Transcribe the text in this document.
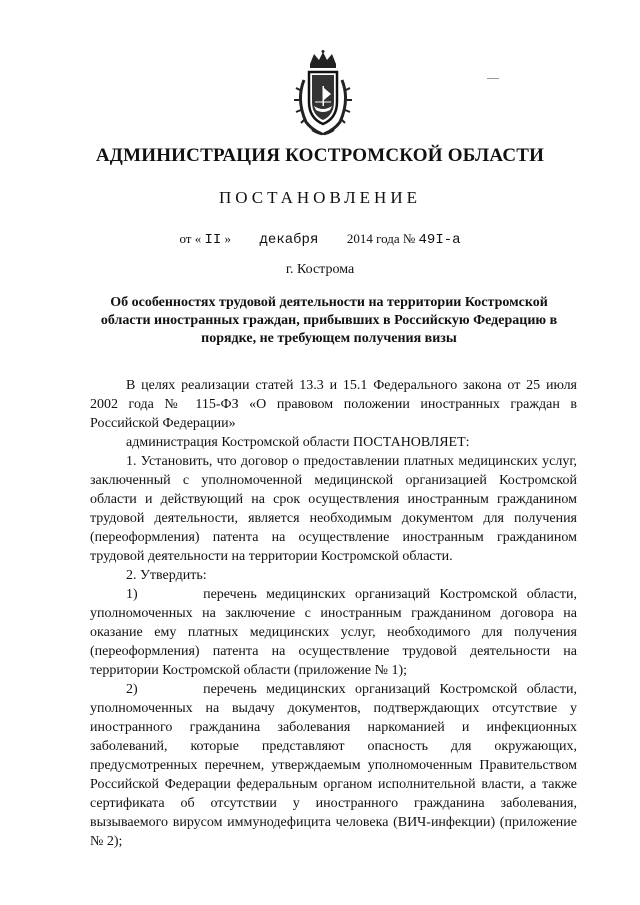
АДМИНИСТРАЦИЯ КОСТРОМСКОЙ ОБЛАСТИ
ПОСТАНОВЛЕНИЕ
от « II » декабря 2014 года № 49I-а
г. Кострома
Об особенностях трудовой деятельности на территории Костромской области иностранных граждан, прибывших в Российскую Федерацию в порядке, не требующем получения визы

В целях реализации статей 13.3 и 15.1 Федерального закона от 25 июля 2002 года № 115-ФЗ «О правовом положении иностранных граждан в Российской Федерации»

администрация Костромской области ПОСТАНОВЛЯЕТ:

1. Установить, что договор о предоставлении платных медицинских услуг, заключенный с уполномоченной медицинской организацией Костромской области и действующий на срок осуществления иностранным гражданином трудовой деятельности, является необходимым документом для получения (переоформления) патента на осуществление иностранным гражданином трудовой деятельности на территории Костромской области.

2. Утвердить:

1)	перечень медицинских организаций Костромской области, уполномоченных на заключение с иностранным гражданином договора на оказание ему платных медицинских услуг, необходимого для получения (переоформления) патента на осуществление трудовой деятельности на территории Костромской области (приложение № 1);

2)	перечень медицинских организаций Костромской области, уполномоченных на выдачу документов, подтверждающих отсутствие у иностранного гражданина заболевания наркоманией и инфекционных заболеваний, которые представляют опасность для окружающих, предусмотренных перечнем, утверждаемым уполномоченным Правительством Российской Федерации федеральным органом исполнительной власти, а также сертификата об отсутствии у иностранного гражданина заболевания, вызываемого вирусом иммунодефицита человека (ВИЧ-инфекции) (приложение № 2);
